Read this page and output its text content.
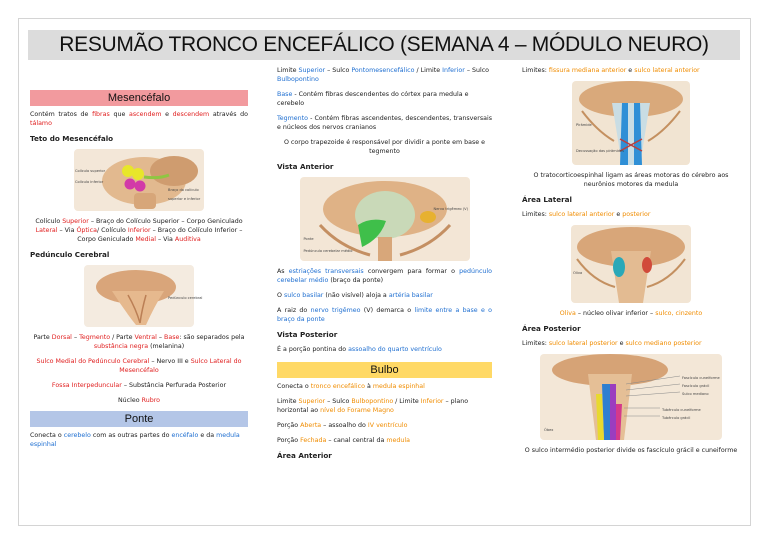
RESUMÃO TRONCO ENCEFÁLICO (SEMANA 4 – MÓDULO NEURO)
Mesencéfalo

Contém tratos de fibras que ascendem e descendem através do tálamo

Teto do Mesencéfalo

Colículo superior
Colículo inferior
Braço do colículo superior e inferior

Colículo Superior – Braço do Colículo Superior – Corpo Geniculado Lateral – Via Óptica/ Colículo Inferior – Braço do Colículo Inferior – Corpo Geniculado Medial – Via Auditiva

Pedúnculo Cerebral

Pedúnculo cerebral

Parte Dorsal – Tegmento / Parte Ventral – Base: são separados pela substância negra (melanina)

Sulco Medial do Pedúnculo Cerebral – Nervo III e Sulco Lateral do Mesencéfalo

Fossa Interpeduncular – Substância Perfurada Posterior

Núcleo Rubro

Ponte

Conecta o cerebelo com as outras partes do encéfalo e da medula espinhal

Limite Superior – Sulco Pontomesencefálico / Limite Inferior – Sulco Bulbopontino

Base - Contém fibras descendentes do córtex para medula e cerebelo

Tegmento - Contém fibras ascendentes, descendentes, transversais e núcleos dos nervos cranianos

O corpo trapezoide é responsável por dividir a ponte em base e tegmento

Vista Anterior

Nervo trigêmeo (V)
Ponte
Pedúnculo cerebelar médio

As estriações transversais convergem para formar o pedúnculo cerebelar médio (braço da ponte)

O sulco basilar (não visível) aloja a artéria basilar

A raiz do nervo trigêmeo (V) demarca o limite entre a base e o braço da ponte

Vista Posterior

É a porção pontina do assoalho do quarto ventrículo

Bulbo

Conecta o tronco encefálico à medula espinhal

Limite Superior – Sulco Bulbopontino / Limite Inferior – plano horizontal ao nível do Forame Magno

Porção Aberta – assoalho do IV ventrículo

Porção Fechada – canal central da medula

Área Anterior

Limites: fissura mediana anterior e sulco lateral anterior

Pirâmide
Decussação das pirâmides

O tratocorticoespinhal ligam as áreas motoras do cérebro aos neurônios motores da medula

Área Lateral

Limites: sulco lateral anterior e posterior

Oliva

Oliva – núcleo olivar inferior – sulco, cinzento

Área Posterior

Limites: sulco lateral posterior e sulco mediano posterior

Fascículo cuneiforme
Fascículo grácil
Sulco mediano
Tubérculo cuneiforme
Tubérculo grácil
Óbex

O sulco intermédio posterior divide os fascículo grácil e cuneiforme
